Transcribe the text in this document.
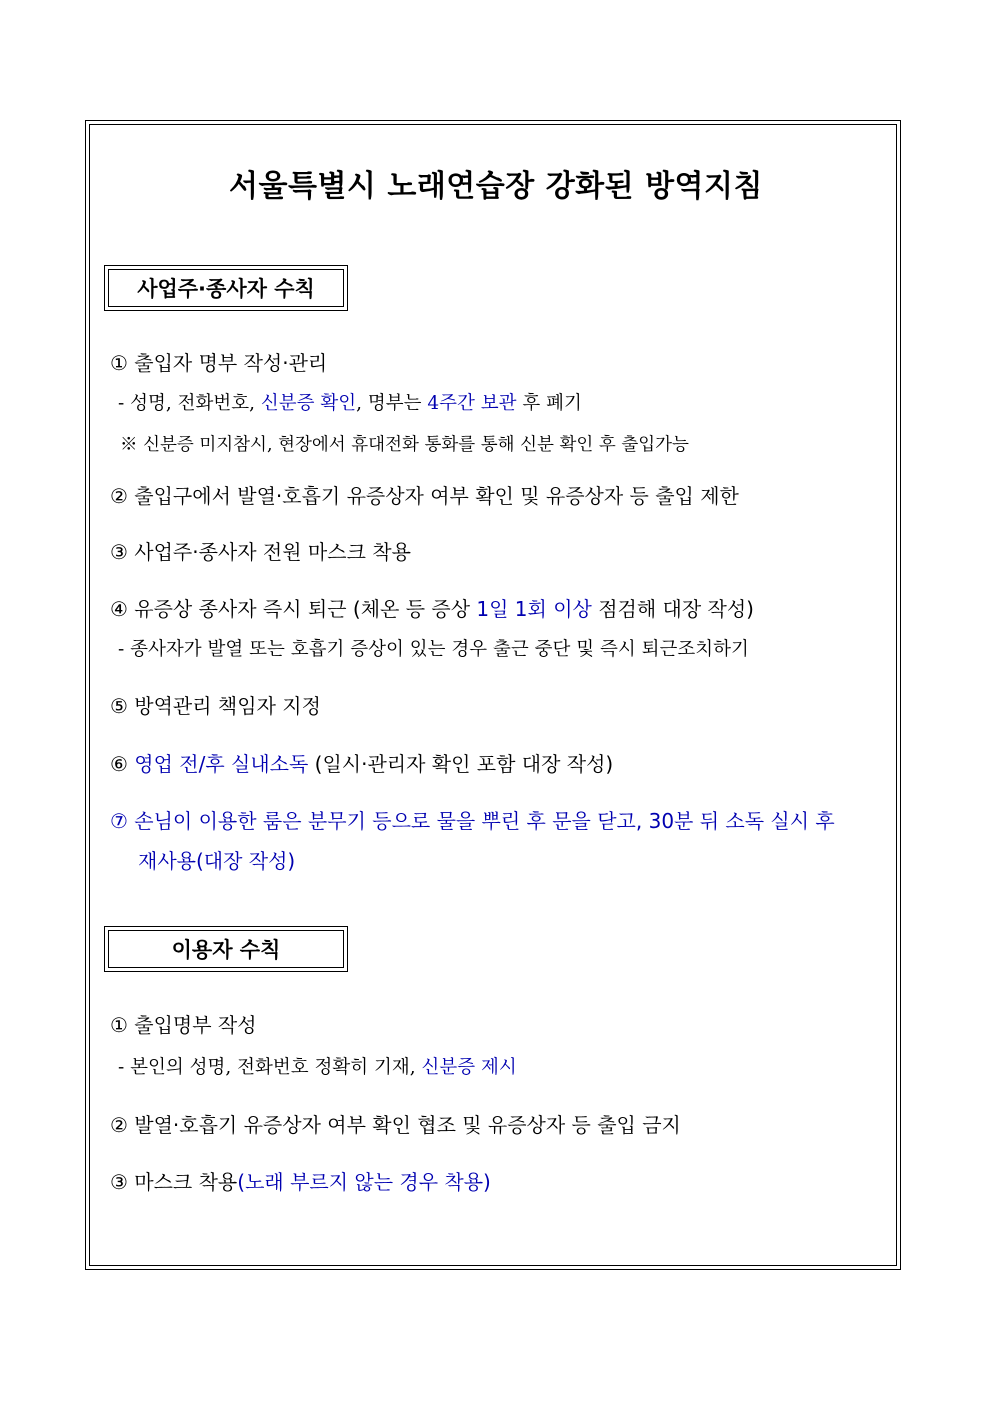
서울특별시 노래연습장 강화된 방역지침
사업주·종사자 수칙
① 출입자 명부 작성·관리
- 성명, 전화번호, 신분증 확인, 명부는 4주간 보관 후 폐기
※ 신분증 미지참시, 현장에서 휴대전화 통화를 통해 신분 확인 후 출입가능
② 출입구에서 발열·호흡기 유증상자 여부 확인 및 유증상자 등 출입 제한
③ 사업주·종사자 전원 마스크 착용
④ 유증상 종사자 즉시 퇴근 (체온 등 증상 1일 1회 이상 점검해 대장 작성)
- 종사자가 발열 또는 호흡기 증상이 있는 경우 출근 중단 및 즉시 퇴근조치하기
⑤ 방역관리 책임자 지정
⑥ 영업 전/후 실내소독 (일시·관리자 확인 포함 대장 작성)
⑦ 손님이 이용한 룸은 분무기 등으로 물을 뿌린 후 문을 닫고, 30분 뒤 소독 실시 후
재사용(대장 작성)
이용자 수칙
① 출입명부 작성
- 본인의 성명, 전화번호 정확히 기재, 신분증 제시
② 발열·호흡기 유증상자 여부 확인 협조 및 유증상자 등 출입 금지
③ 마스크 착용(노래 부르지 않는 경우 착용)
